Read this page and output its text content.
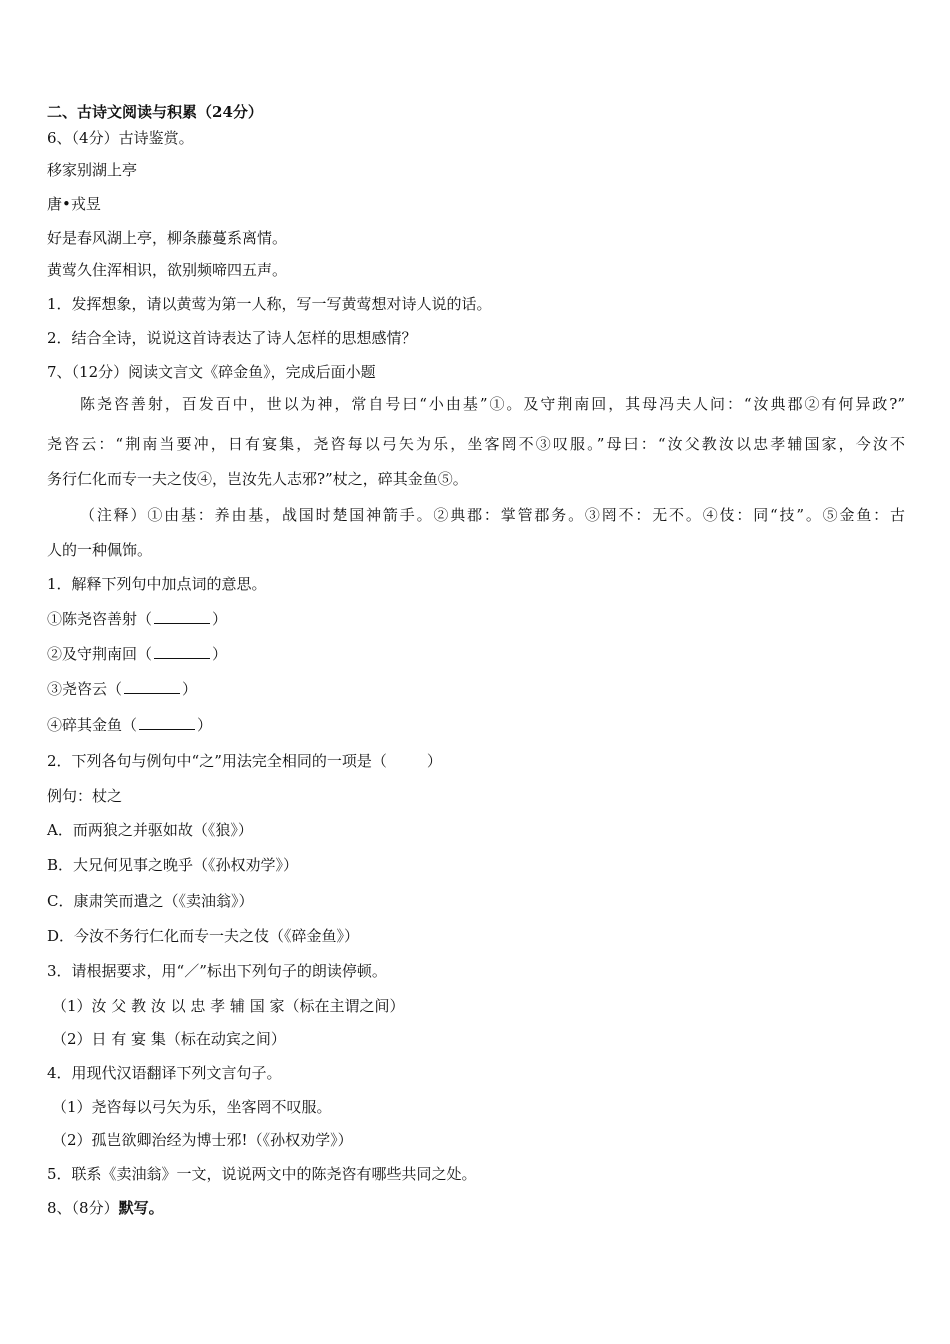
二、古诗文阅读与积累（24分）
6、（4分）古诗鉴赏。
移家别湖上亭
唐•戎昱
好是春风湖上亭，柳条藤蔓系离情。
黄莺久住浑相识，欲别频啼四五声。
1．发挥想象，请以黄莺为第一人称，写一写黄莺想对诗人说的话。
2．结合全诗，说说这首诗表达了诗人怎样的思想感情？
7、（12分）阅读文言文《碎金鱼》，完成后面小题
陈尧咨善射，百发百中，世以为神，常自号曰“小由基”①。及守荆南回，其母冯夫人问：“汝典郡②有何异政?”
尧咨云：“荆南当要冲，日有宴集，尧咨每以弓矢为乐，坐客罔不③叹服。”母曰：“汝父教汝以忠孝辅国家，今汝不
务行仁化而专一夫之伎④，岂汝先人志邪?”杖之，碎其金鱼⑤。
（注释）①由基：养由基，战国时楚国神箭手。②典郡：掌管郡务。③罔不：无不。④伎：同“技”。⑤金鱼：古
人的一种佩饰。
1．解释下列句中加点词的意思。
①陈尧咨善射（	）
②及守荆南回（	）
③尧咨云（	）
④碎其金鱼（	）
2．下列各句与例句中“之”用法完全相同的一项是（	）
例句：杖之
A．而两狼之并驱如故（《狼》）
B．大兄何见事之晚乎（《孙权劝学》）
C．康肃笑而遣之（《卖油翁》）
D．今汝不务行仁化而专一夫之伎（《碎金鱼》）
3．请根据要求，用“／”标出下列句子的朗读停顿。
（1）汝 父 教 汝 以 忠 孝 辅 国 家（标在主谓之间）
（2）日 有 宴 集（标在动宾之间）
4．用现代汉语翻译下列文言句子。
（1）尧咨每以弓矢为乐，坐客罔不叹服。
（2）孤岂欲卿治经为博士邪!（《孙权劝学》）
5．联系《卖油翁》一文，说说两文中的陈尧咨有哪些共同之处。
8、（8分）默写。
